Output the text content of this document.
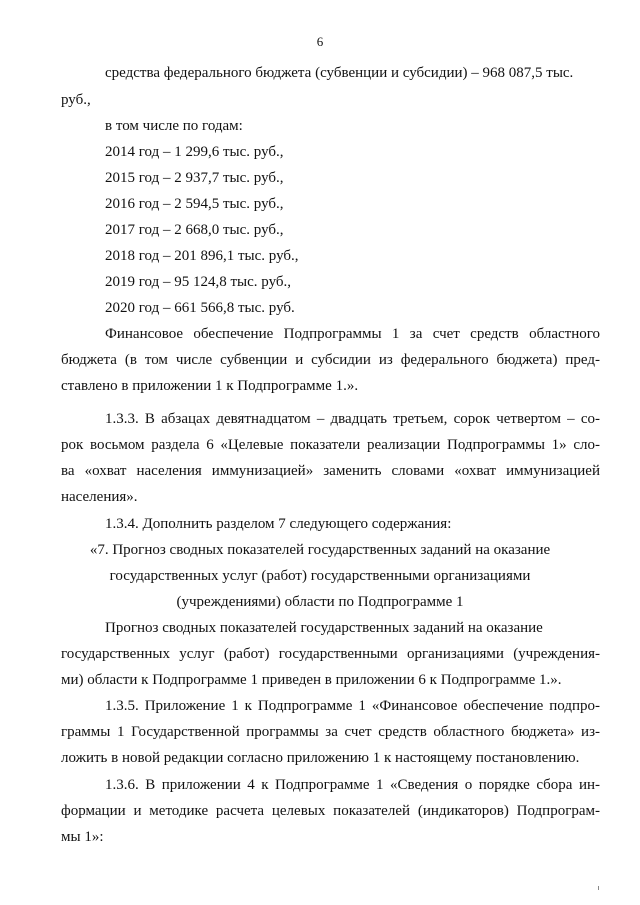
6
средства федерального бюджета (субвенции и субсидии) – 968 087,5 тыс.
руб.,
в том числе по годам:
2014 год – 1 299,6 тыс. руб.,
2015 год – 2 937,7 тыс. руб.,
2016 год – 2 594,5 тыс. руб.,
2017 год – 2 668,0 тыс. руб.,
2018 год – 201 896,1 тыс. руб.,
2019 год – 95 124,8 тыс. руб.,
2020 год – 661 566,8 тыс. руб.
Финансовое обеспечение Подпрограммы 1 за счет средств областного
бюджета (в том числе субвенции и субсидии из федерального бюджета) пред-
ставлено в приложении 1 к Подпрограмме 1.».
1.3.3. В абзацах девятнадцатом – двадцать третьем, сорок четвертом – со-
рок восьмом раздела 6 «Целевые показатели реализации Подпрограммы 1» сло-
ва «охват населения иммунизацией» заменить словами «охват иммунизацией
населения».
1.3.4. Дополнить разделом 7 следующего содержания:
«7. Прогноз сводных показателей государственных заданий на оказание
государственных услуг (работ) государственными организациями
(учреждениями) области по Подпрограмме 1
Прогноз сводных показателей государственных заданий на оказание
государственных услуг (работ) государственными организациями (учреждения-
ми) области к Подпрограмме 1 приведен в приложении 6 к Подпрограмме 1.».
1.3.5. Приложение 1 к Подпрограмме 1 «Финансовое обеспечение подпро-
граммы 1 Государственной программы за счет средств областного бюджета» из-
ложить в новой редакции согласно приложению 1 к настоящему постановлению.
1.3.6. В приложении 4 к Подпрограмме 1 «Сведения о порядке сбора ин-
формации и методике расчета целевых показателей (индикаторов) Подпрограм-
мы 1»:
